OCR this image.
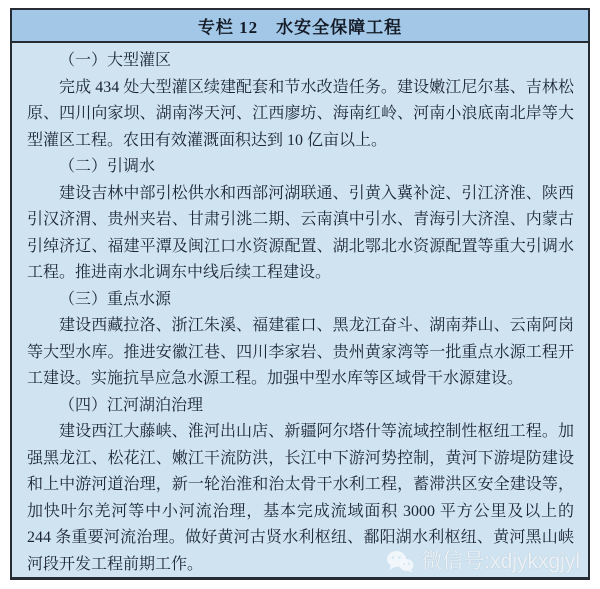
专栏 12　水安全保障工程

（一）大型灌区

完成 434 处大型灌区续建配套和节水改造任务。建设嫩江尼尔基、吉林松原、四川向家坝、湖南涔天河、江西廖坊、海南红岭、河南小浪底南北岸等大型灌区工程。农田有效灌溉面积达到 10 亿亩以上。

（二）引调水

建设吉林中部引松供水和西部河湖联通、引黄入冀补淀、引江济淮、陕西引汉济渭、贵州夹岩、甘肃引洮二期、云南滇中引水、青海引大济湟、内蒙古引绰济辽、福建平潭及闽江口水资源配置、湖北鄂北水资源配置等重大引调水工程。推进南水北调东中线后续工程建设。

（三）重点水源

建设西藏拉洛、浙江朱溪、福建霍口、黑龙江奋斗、湖南莽山、云南阿岗等大型水库。推进安徽江巷、四川李家岩、贵州黄家湾等一批重点水源工程开工建设。实施抗旱应急水源工程。加强中型水库等区域骨干水源建设。

（四）江河湖泊治理

建设西江大藤峡、淮河出山店、新疆阿尔塔什等流域控制性枢纽工程。加强黑龙江、松花江、嫩江干流防洪，长江中下游河势控制，黄河下游堤防建设和上中游河道治理，新一轮治淮和治太骨干水利工程，蓄滞洪区安全建设等，加快叶尔羌河等中小河流治理，基本完成流域面积 3000 平方公里及以上的 244 条重要河流治理。做好黄河古贤水利枢纽、鄱阳湖水利枢纽、黄河黑山峡河段开发工程前期工作。	微信号:xdjykxgjyl
